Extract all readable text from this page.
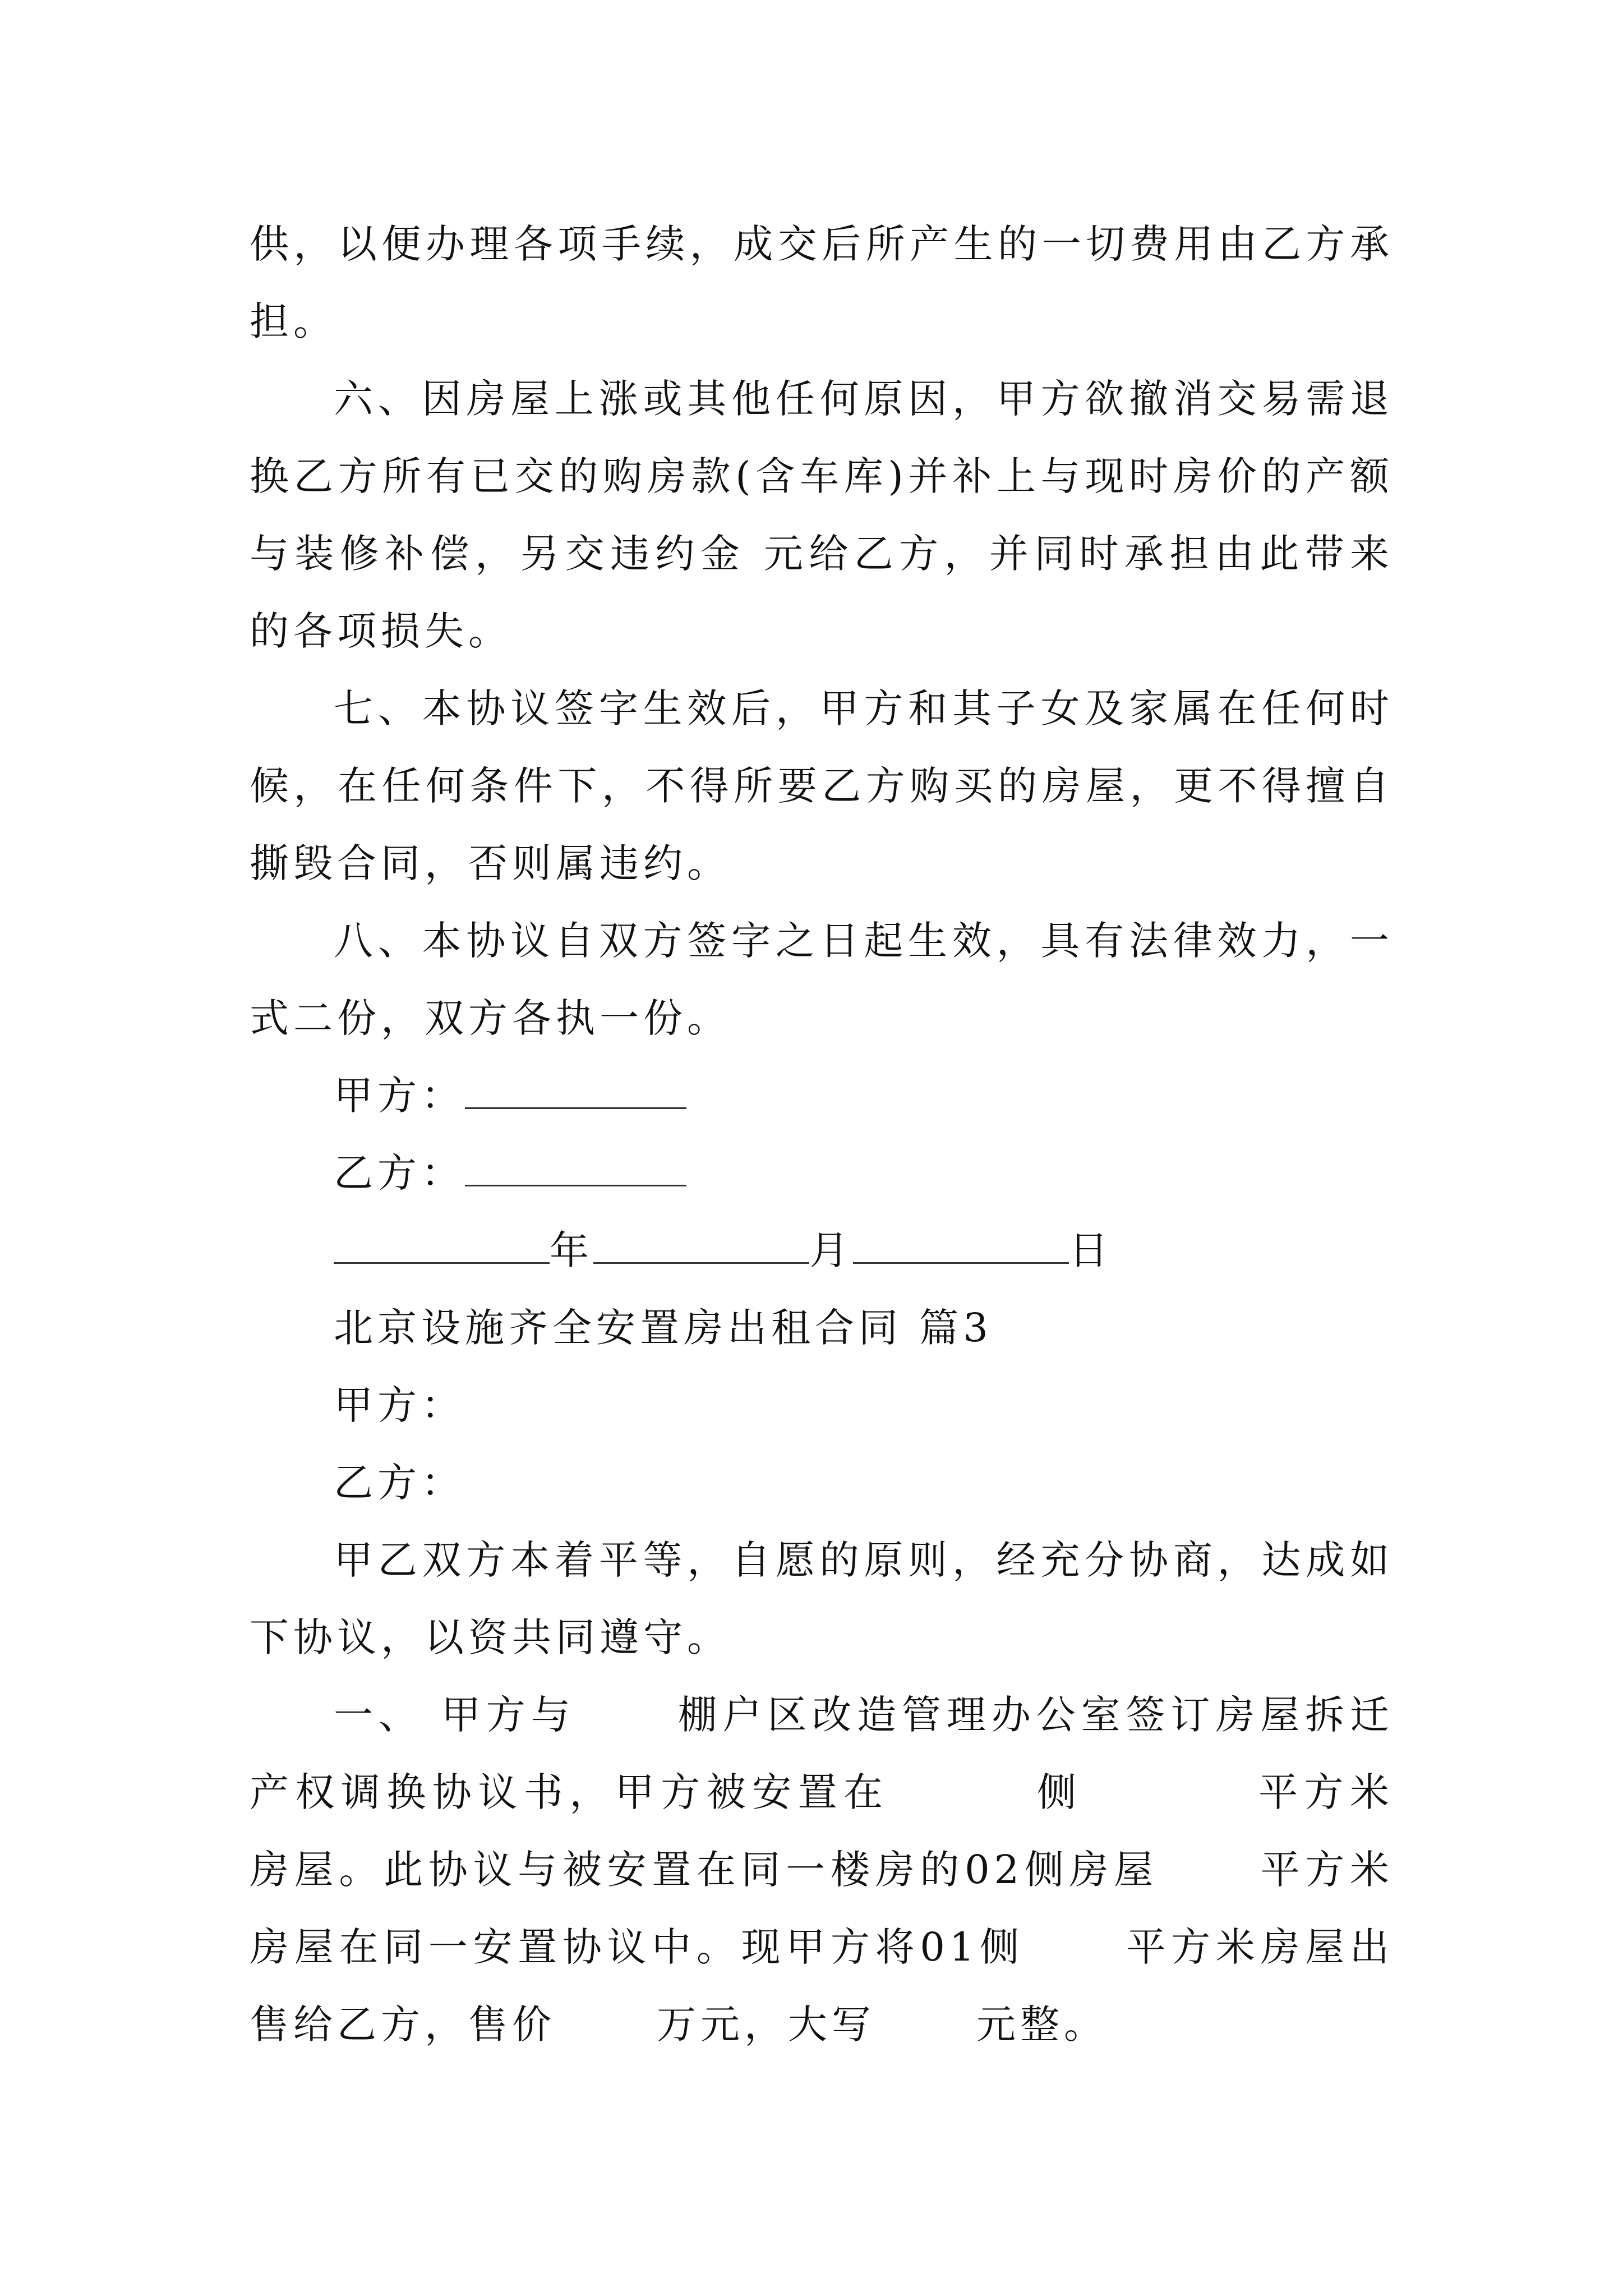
供，以便办理各项手续，成交后所产生的一切费用由乙方承担。

六、因房屋上涨或其他任何原因，甲方欲撤消交易需退换乙方所有已交的购房款(含车库)并补上与现时房价的产额与装修补偿，另交违约金 元给乙方，并同时承担由此带来的各项损失。

七、本协议签字生效后，甲方和其子女及家属在任何时候，在任何条件下，不得所要乙方购买的房屋，更不得擅自撕毁合同，否则属违约。

八、本协议自双方签字之日起生效，具有法律效力，一式二份，双方各执一份。

甲方：

乙方：

年	月	日

北京设施齐全安置房出租合同 篇3

甲方：

乙方：

甲乙双方本着平等，自愿的原则，经充分协商，达成如下协议，以资共同遵守。

一、 甲方与	棚户区改造管理办公室签订房屋拆迁产权调换协议书，甲方被安置在	侧	平方米房屋。此协议与被安置在同一楼房的02侧房屋	平方米房屋在同一安置协议中。现甲方将01侧	平方米房屋出售给乙方，售价	万元，大写	元整。
